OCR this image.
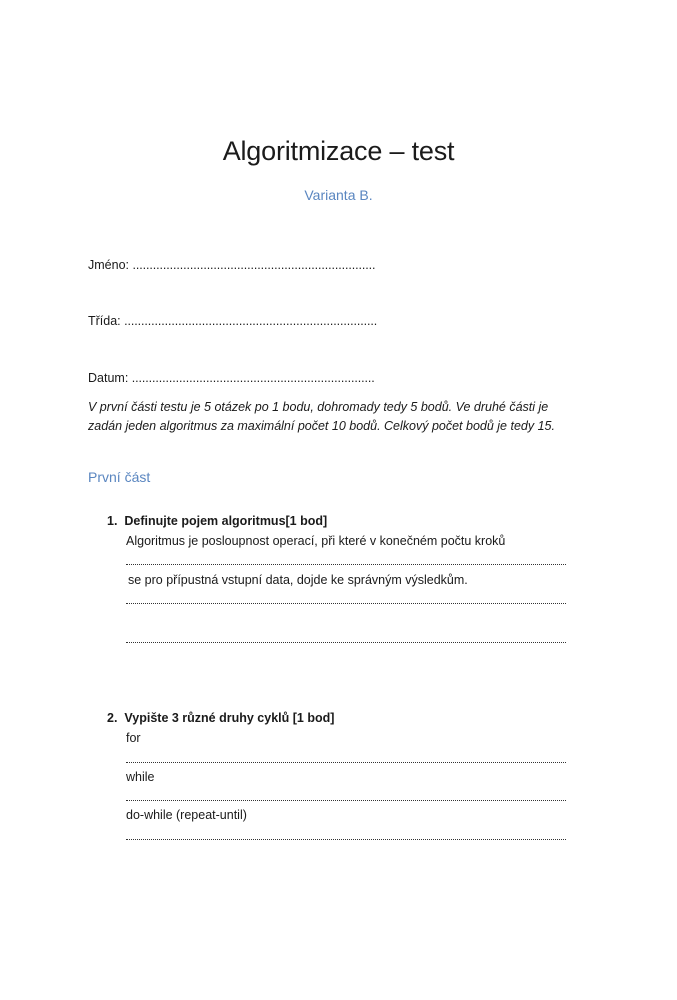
Algoritmizace – test
Varianta B.
Jméno: ........................................................................
Třída: ...........................................................................
Datum: ........................................................................
V první části testu je 5 otázek po 1 bodu, dohromady tedy 5 bodů. Ve druhé části je zadán jeden algoritmus za maximální počet 10 bodů. Celkový počet bodů je tedy 15.
První část
1. Definujte pojem algoritmus[1 bod]
Algoritmus je posloupnost operací, při které v konečném počtu kroků
se pro přípustná vstupní data, dojde ke správným výsledkům.
2. Vypište 3 různé druhy cyklů [1 bod]
for
while
do-while (repeat-until)
